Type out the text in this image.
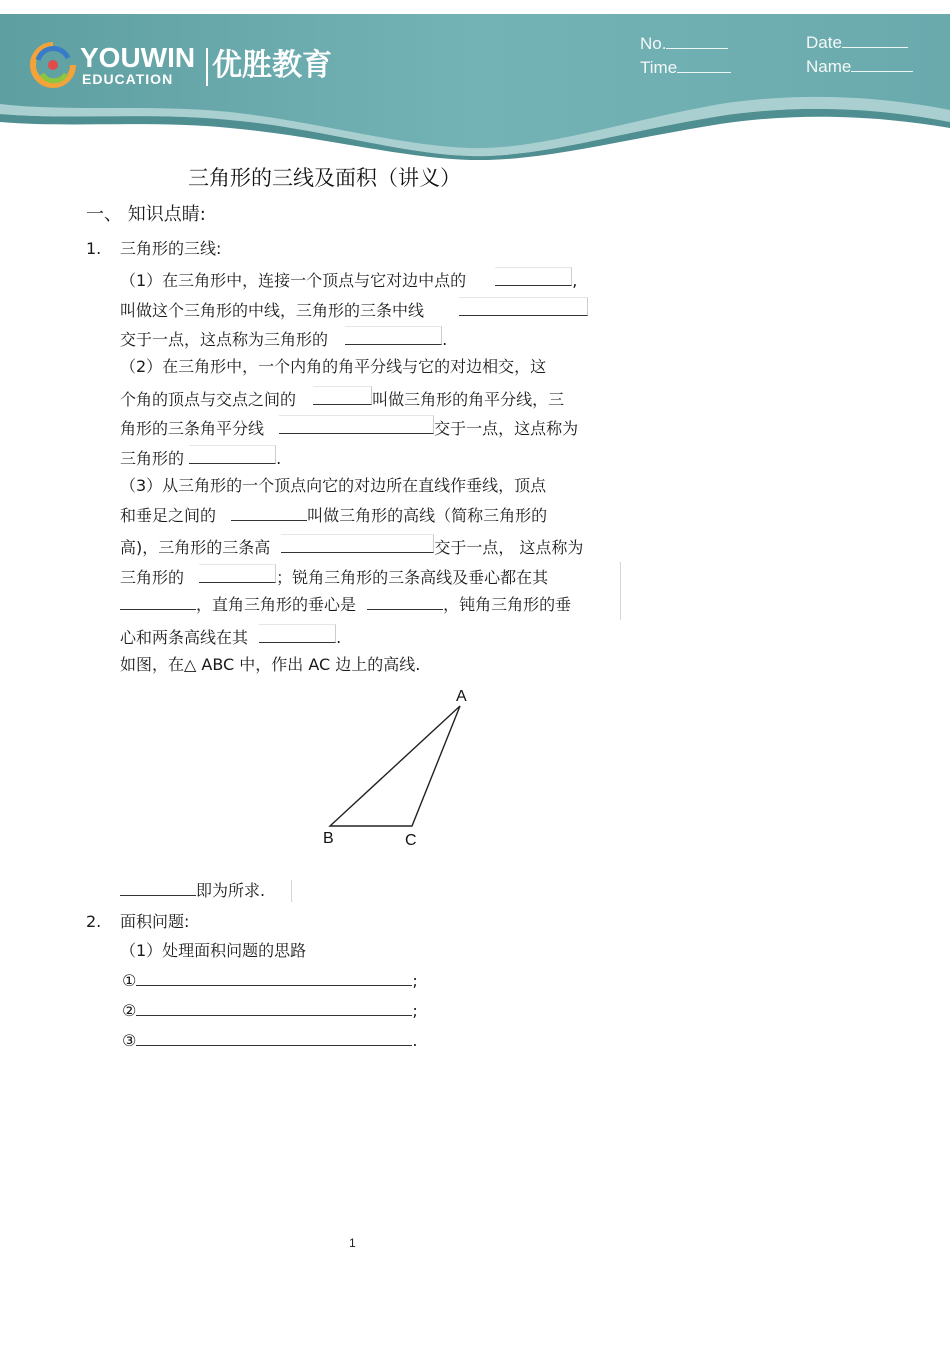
YOUWIN
EDUCATION 优胜教育
No.
Time
Date
Name
三角形的三线及面积（讲义）
一、 知识点睛:
1. 三角形的三线:
（1）在三角形中，连接一个顶点与它对边中点的	,
叫做这个三角形的中线，三角形的三条中线
交于一点，这点称为三角形的	.
（2）在三角形中，一个内角的角平分线与它的对边相交，这
个角的顶点与交点之间的	叫做三角形的角平分线，三
角形的三条角平分线	交于一点，这点称为
三角形的	.
（3）从三角形的一个顶点向它的对边所在直线作垂线，顶点
和垂足之间的	叫做三角形的高线（简称三角形的
高)，三角形的三条高	交于一点， 这点称为
三角形的	；锐角三角形的三条高线及垂心都在其
，直角三角形的垂心是	，钝角三角形的垂
心和两条高线在其	.
如图，在△ ABC 中，作出 AC 边上的高线.
A
B	C
即为所求.
2. 面积问题:
（1）处理面积问题的思路
①	;
②	;
③	.
1
